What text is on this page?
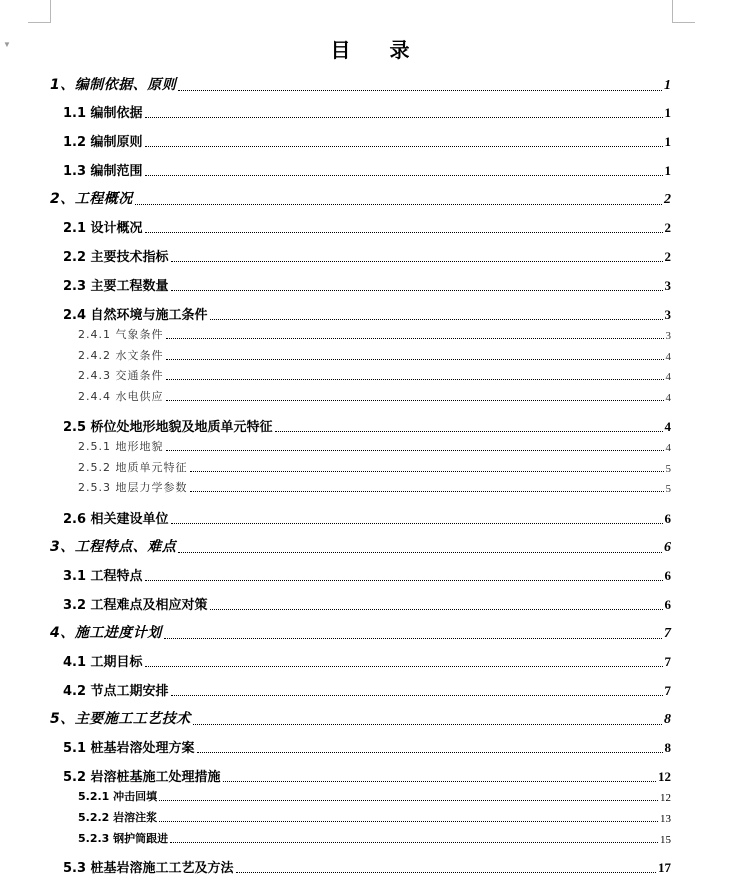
▼	目 录
1、编制依据、原则	1
1.1 编制依据	1
1.2 编制原则	1
1.3 编制范围	1
2、工程概况	2
2.1 设计概况	2
2.2 主要技术指标	2
2.3 主要工程数量	3
2.4 自然环境与施工条件	3
2.4.1 气象条件	3
2.4.2 水文条件	4
2.4.3 交通条件	4
2.4.4 水电供应	4
2.5 桥位处地形地貌及地质单元特征	4
2.5.1 地形地貌	4
2.5.2 地质单元特征	5
2.5.3 地层力学参数	5
2.6 相关建设单位	6
3、工程特点、难点	6
3.1 工程特点	6
3.2 工程难点及相应对策	6
4、施工进度计划	7
4.1 工期目标	7
4.2 节点工期安排	7
5、主要施工工艺技术	8
5.1 桩基岩溶处理方案	8
5.2 岩溶桩基施工处理措施	12
5.2.1 冲击回填	12
5.2.2 岩溶注浆	13
5.2.3 钢护筒跟进	15
5.3 桩基岩溶施工工艺及方法	17
